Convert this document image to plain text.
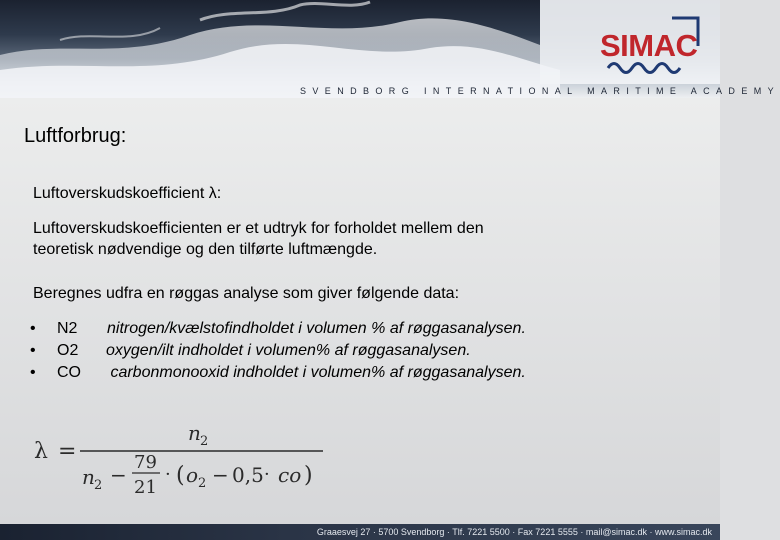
SIMAC
SVENDBORG INTERNATIONAL MARITIME ACADEMY
Luftforbrug:
Luftoverskudskoefficient λ:
Luftoverskudskoefficienten er et udtryk for forholdet mellem den
teoretisk nødvendige og den tilførte luftmængde.
Beregnes udfra en røggas analyse som giver følgende data:
• N2 nitrogen/kvælstofindholdet i volumen % af røggasanalysen.
• O2 oxygen/ilt indholdet i volumen% af røggasanalysen.
• CO carbonmonooxid indholdet i volumen% af røggasanalysen.
λ =
n 2
n 2 −
79
21
· ( o 2 − 0,5 · co )
Graaesvej 27 · 5700 Svendborg · Tlf. 7221 5500 · Fax 7221 5555 · mail@simac.dk · www.simac.dk
